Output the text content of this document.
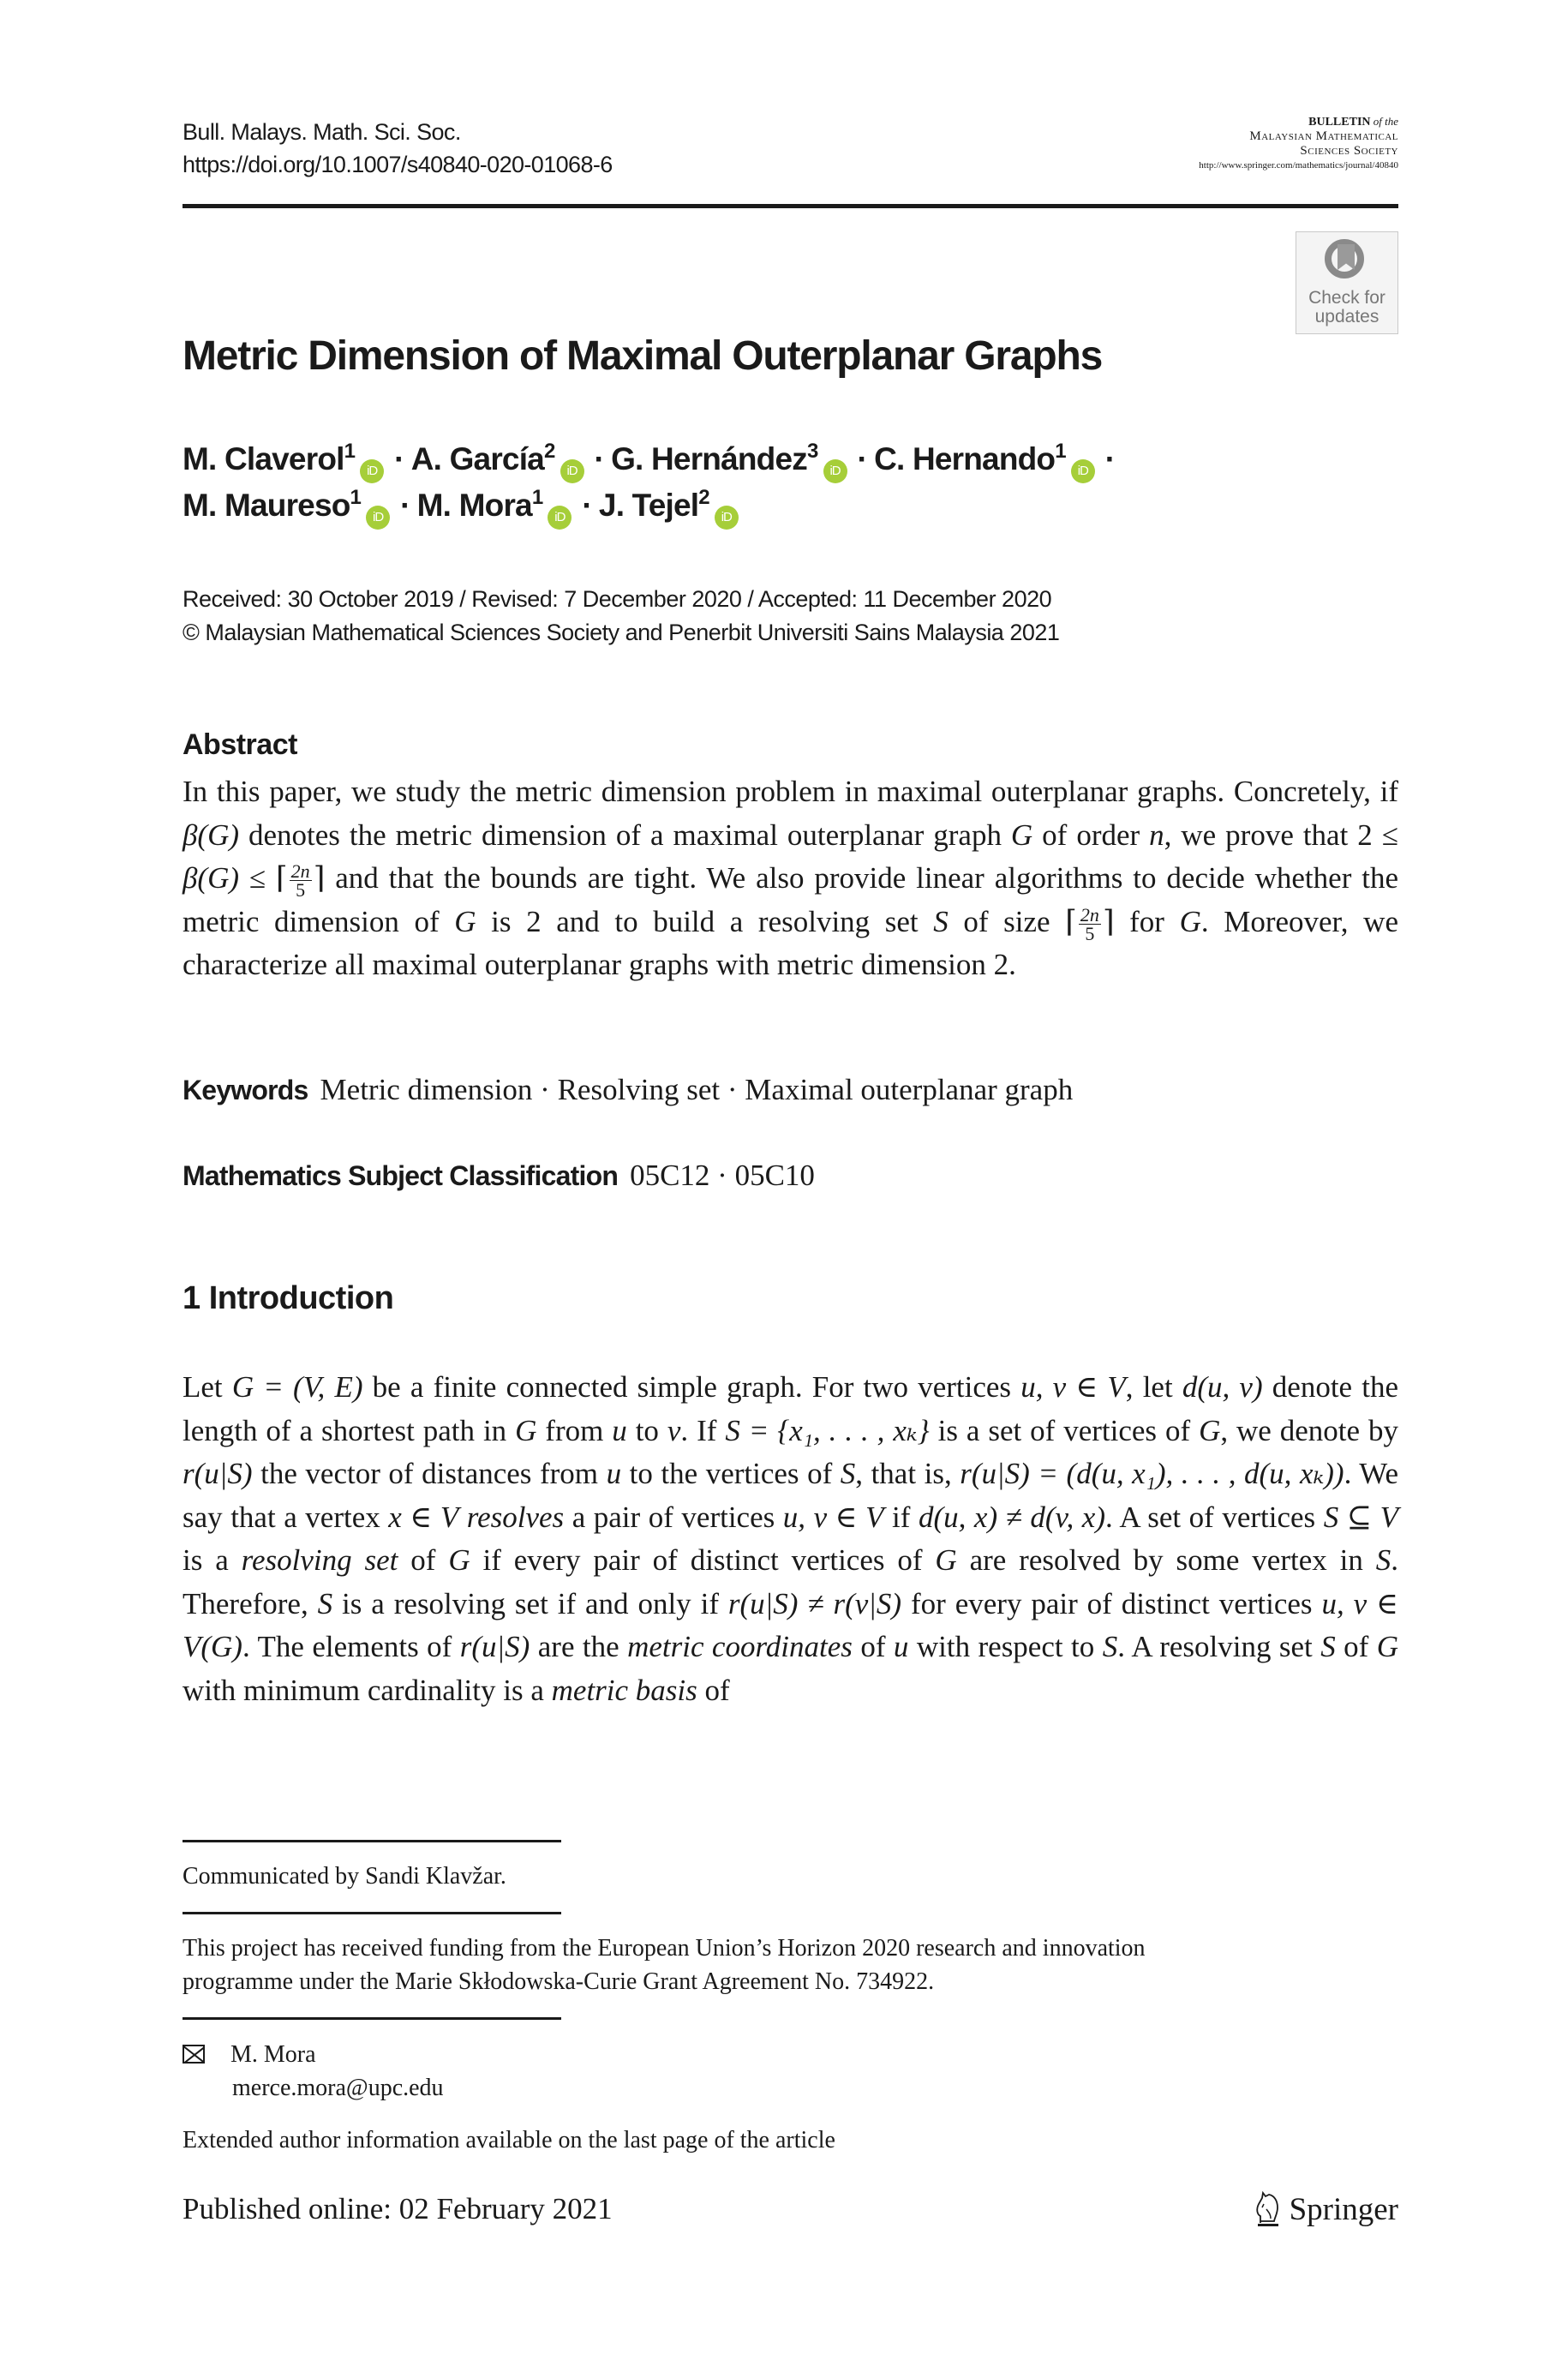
Bull. Malays. Math. Sci. Soc.
https://doi.org/10.1007/s40840-020-01068-6
BULLETIN of the
Malaysian Mathematical
Sciences Society
http://www.springer.com/mathematics/journal/40840
Check for
updates
Metric Dimension of Maximal Outerplanar Graphs
M. Claverol$^1$iD · A. García$^2$iD · G. Hernández$^3$iD · C. Hernando$^1$iD ·
M. Maureso$^1$iD · M. Mora$^1$iD · J. Tejel$^2$iD
Received: 30 October 2019 / Revised: 7 December 2020 / Accepted: 11 December 2020
© Malaysian Mathematical Sciences Society and Penerbit Universiti Sains Malaysia 2021
Abstract
In this paper, we study the metric dimension problem in maximal outerplanar graphs. Concretely, if β(G) denotes the metric dimension of a maximal outerplanar graph G of order n, we prove that 2 ≤ β(G) ≤ ⌈ $\frac{2n}{5}$ ⌉ and that the bounds are tight. We also provide linear algorithms to decide whether the metric dimension of G is 2 and to build a resolving set S of size ⌈ $\frac{2n}{5}$ ⌉ for G. Moreover, we characterize all maximal outerplanar graphs with metric dimension 2.
Keywords Metric dimension · Resolving set · Maximal outerplanar graph
Mathematics Subject Classification 05C12 · 05C10
1 Introduction
Let G = (V, E) be a finite connected simple graph. For two vertices u, v ∈ V, let d(u, v) denote the length of a shortest path in G from u to v. If S = {x₁, . . . , xₖ} is a set of vertices of G, we denote by r(u|S) the vector of distances from u to the vertices of S, that is, r(u|S) = (d(u, x₁), . . . , d(u, xₖ)). We say that a vertex x ∈ V resolves a pair of vertices u, v ∈ V if d(u, x) ≠ d(v, x). A set of vertices S ⊆ V is a resolving set of G if every pair of distinct vertices of G are resolved by some vertex in S. Therefore, S is a resolving set if and only if r(u|S) ≠ r(v|S) for every pair of distinct vertices u, v ∈ V(G). The elements of r(u|S) are the metric coordinates of u with respect to S. A resolving set S of G with minimum cardinality is a metric basis of
Communicated by Sandi Klavžar.
This project has received funding from the European Union’s Horizon 2020 research and innovation
programme under the Marie Skłodowska-Curie Grant Agreement No. 734922.
M. Mora
merce.mora@upc.edu
Extended author information available on the last page of the article
Published online: 02 February 2021	Springer
